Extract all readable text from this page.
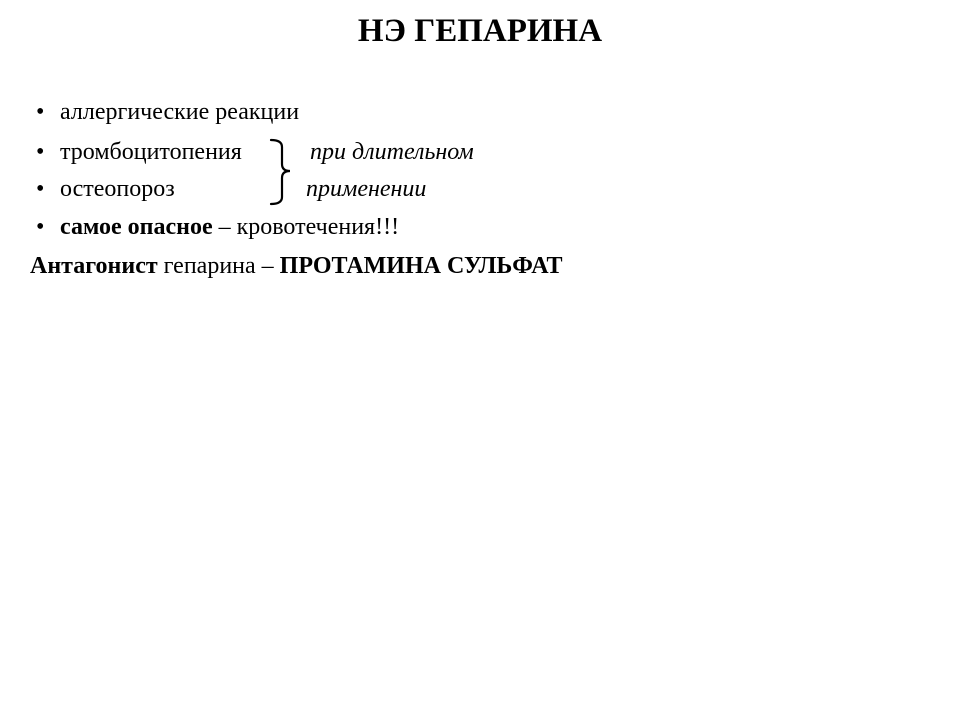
НЭ ГЕПАРИНА
• аллергические реакции
• тромбоцитопения
• остеопороз
• самое опасное – кровотечения!!!
при длительном
применении
Антагонист гепарина – ПРОТАМИНА СУЛЬФАТ
